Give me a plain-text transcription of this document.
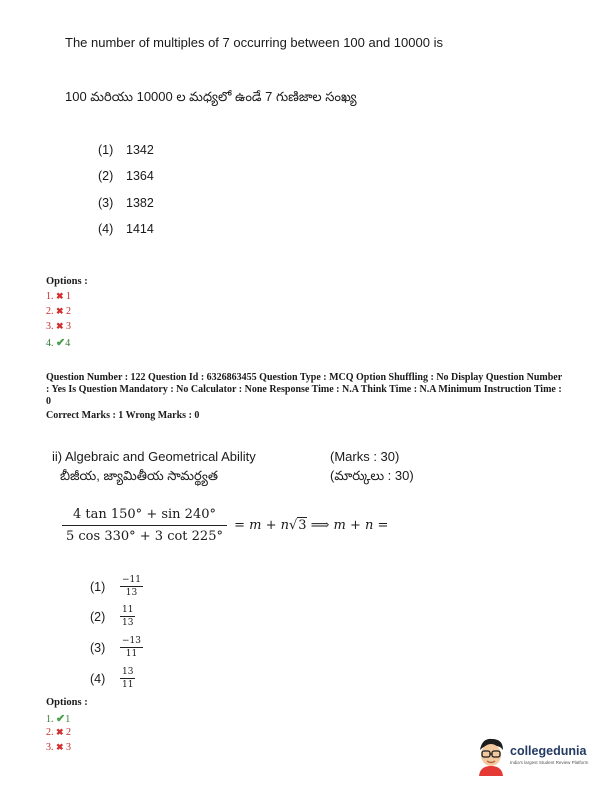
The number of multiples of 7 occurring between 100 and 10000 is
100 మరియు 10000 ల మధ్యలో ఉండే 7 గుణిజాల సంఖ్య
(1) 1342
(2) 1364
(3) 1382
(4) 1414
Options :
1. ✖ 1
2. ✖ 2
3. ✖ 3
4. ✔4
Question Number : 122 Question Id : 6326863455 Question Type : MCQ Option Shuffling : No Display Question Number : Yes Is Question Mandatory : No Calculator : None Response Time : N.A Think Time : N.A Minimum Instruction Time : 0
Correct Marks : 1 Wrong Marks : 0
ii) Algebraic and Geometrical Ability
బీజీయ, జ్యామితీయ సామర్థ్యత
(Marks : 30)
(మార్కులు : 30)
$\frac{4 \tan 150^\circ + \sin 240^\circ}{5 \cos 330^\circ + 3 \cot 225^\circ} = m + n√3$ ⟹ m + n =
$(1) \frac{-11}{13}$
$(2) \frac{11}{13}$
$(3) \frac{-13}{11}$
$(4) \frac{13}{11}$
Options :
1. ✔1
2. ✖ 2
3. ✖ 3	collegedunia
India's largest Student Review Platform
